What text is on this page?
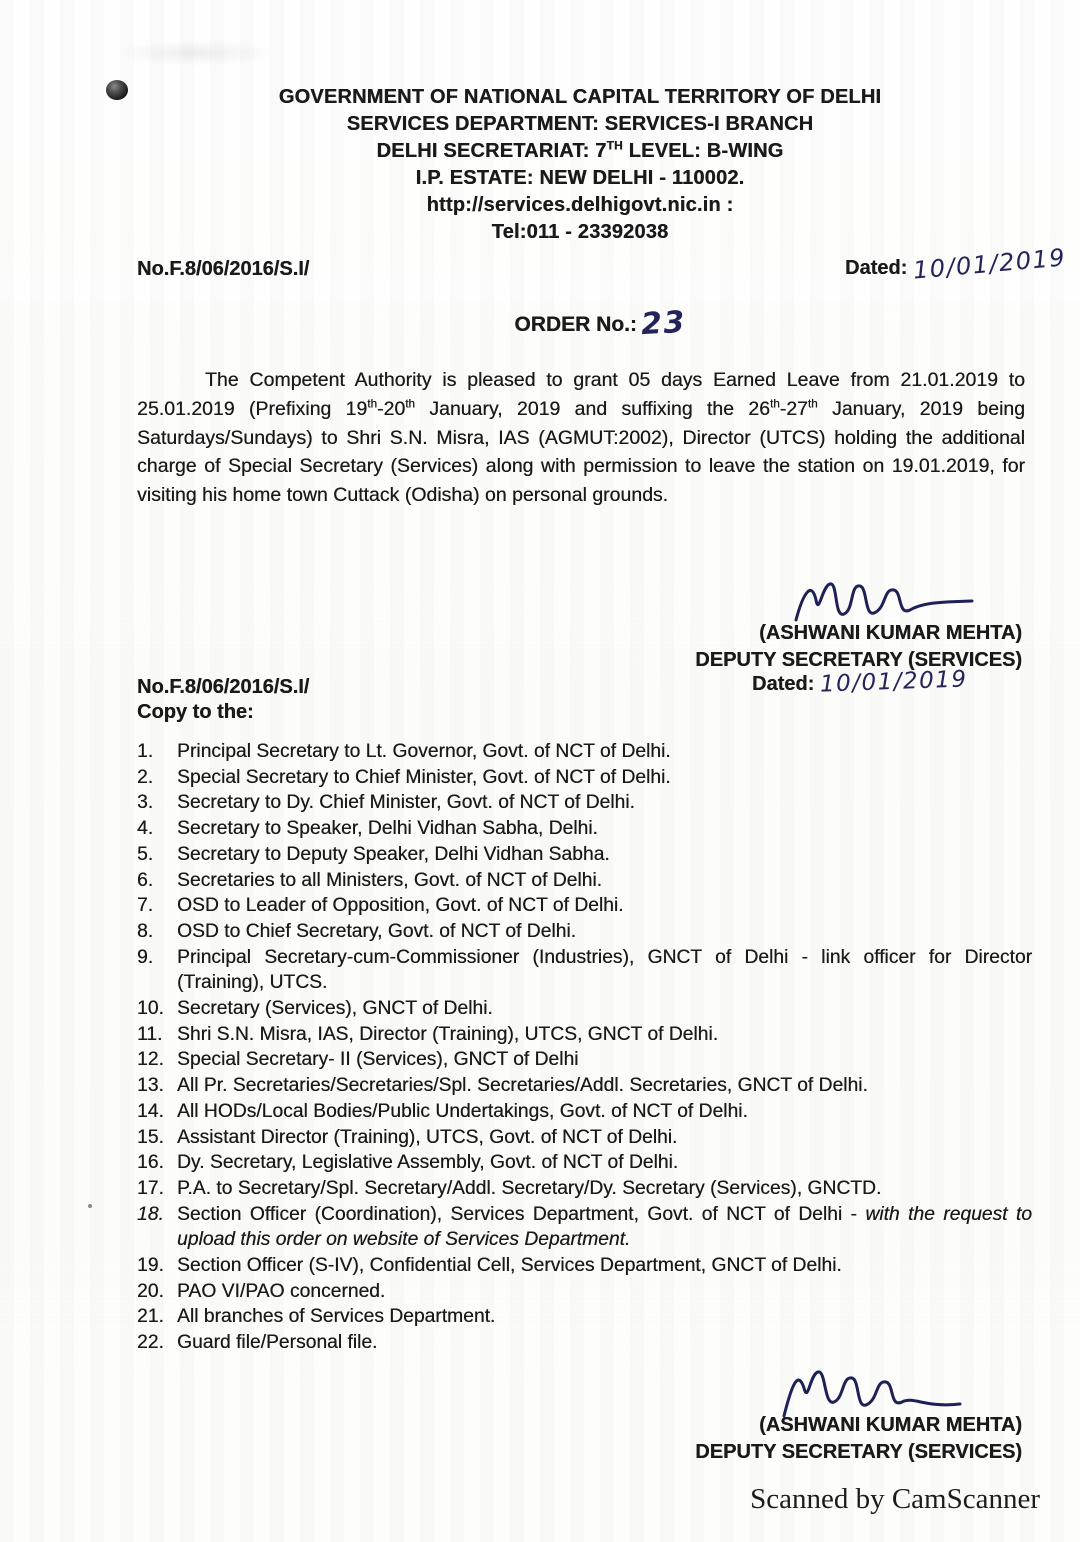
GOVERNMENT OF NATIONAL CAPITAL TERRITORY OF DELHI
SERVICES DEPARTMENT: SERVICES-I BRANCH
DELHI SECRETARIAT: 7TH LEVEL: B-WING
I.P. ESTATE: NEW DELHI - 110002.
http://services.delhigovt.nic.in :
Tel:011 - 23392038
No.F.8/06/2016/S.I/	Dated: 10/01/2019
ORDER No.: 23

The Competent Authority is pleased to grant 05 days Earned Leave from 21.01.2019 to 25.01.2019 (Prefixing 19th-20th January, 2019 and suffixing the 26th-27th January, 2019 being Saturdays/Sundays) to Shri S.N. Misra, IAS (AGMUT:2002), Director (UTCS) holding the additional charge of Special Secretary (Services) along with permission to leave the station on 19.01.2019, for visiting his home town Cuttack (Odisha) on personal grounds.

(ASHWANI KUMAR MEHTA)
DEPUTY SECRETARY (SERVICES)
No.F.8/06/2016/S.I/	Dated: 10/01/2019
Copy to the:
1.	Principal Secretary to Lt. Governor, Govt. of NCT of Delhi.
2.	Special Secretary to Chief Minister, Govt. of NCT of Delhi.
3.	Secretary to Dy. Chief Minister, Govt. of NCT of Delhi.
4.	Secretary to Speaker, Delhi Vidhan Sabha, Delhi.
5.	Secretary to Deputy Speaker, Delhi Vidhan Sabha.
6.	Secretaries to all Ministers, Govt. of NCT of Delhi.
7.	OSD to Leader of Opposition, Govt. of NCT of Delhi.
8.	OSD to Chief Secretary, Govt. of NCT of Delhi.
9.	Principal Secretary-cum-Commissioner (Industries), GNCT of Delhi - link officer for Director (Training), UTCS.
10. Secretary (Services), GNCT of Delhi.
11. Shri S.N. Misra, IAS, Director (Training), UTCS, GNCT of Delhi.
12. Special Secretary- II (Services), GNCT of Delhi
13. All Pr. Secretaries/Secretaries/Spl. Secretaries/Addl. Secretaries, GNCT of Delhi.
14. All HODs/Local Bodies/Public Undertakings, Govt. of NCT of Delhi.
15. Assistant Director (Training), UTCS, Govt. of NCT of Delhi.
16. Dy. Secretary, Legislative Assembly, Govt. of NCT of Delhi.
17. P.A. to Secretary/Spl. Secretary/Addl. Secretary/Dy. Secretary (Services), GNCTD.
18. Section Officer (Coordination), Services Department, Govt. of NCT of Delhi - with the request to upload this order on website of Services Department.
19. Section Officer (S-IV), Confidential Cell, Services Department, GNCT of Delhi.
20. PAO VI/PAO concerned.
21. All branches of Services Department.
22. Guard file/Personal file.
(ASHWANI KUMAR MEHTA)
DEPUTY SECRETARY (SERVICES)
Scanned by CamScanner
